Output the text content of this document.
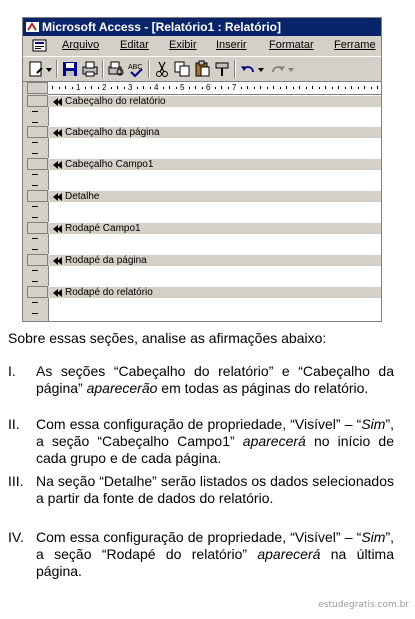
Microsoft Access - [Relatório1 : Relatório]
Arquivo Editar Exibir Inserir Formatar Ferrame
ABC
1	2	3	4	5	6	7
Cabeçalho do relatório
Cabeçalho da página
Cabeçalho Campo1
Detalhe
Rodapé Campo1
Rodapé da página
Rodapé do relatório
Sobre essas seções, analise as afirmações abaixo:
I. As seções “Cabeçalho do relatório” e “Cabeçalho da página” aparecerão em todas as páginas do relatório.
II. Com essa configuração de propriedade, “Visível” – “Sim”, a seção “Cabeçalho Campo1” aparecerá no início de cada grupo e de cada página.
III. Na seção “Detalhe” serão listados os dados selecionados a partir da fonte de dados do relatório.
IV. Com essa configuração de propriedade, “Visível” – “Sim”, a seção “Rodapé do relatório” aparecerá na última página.
estudegratis.com.br
